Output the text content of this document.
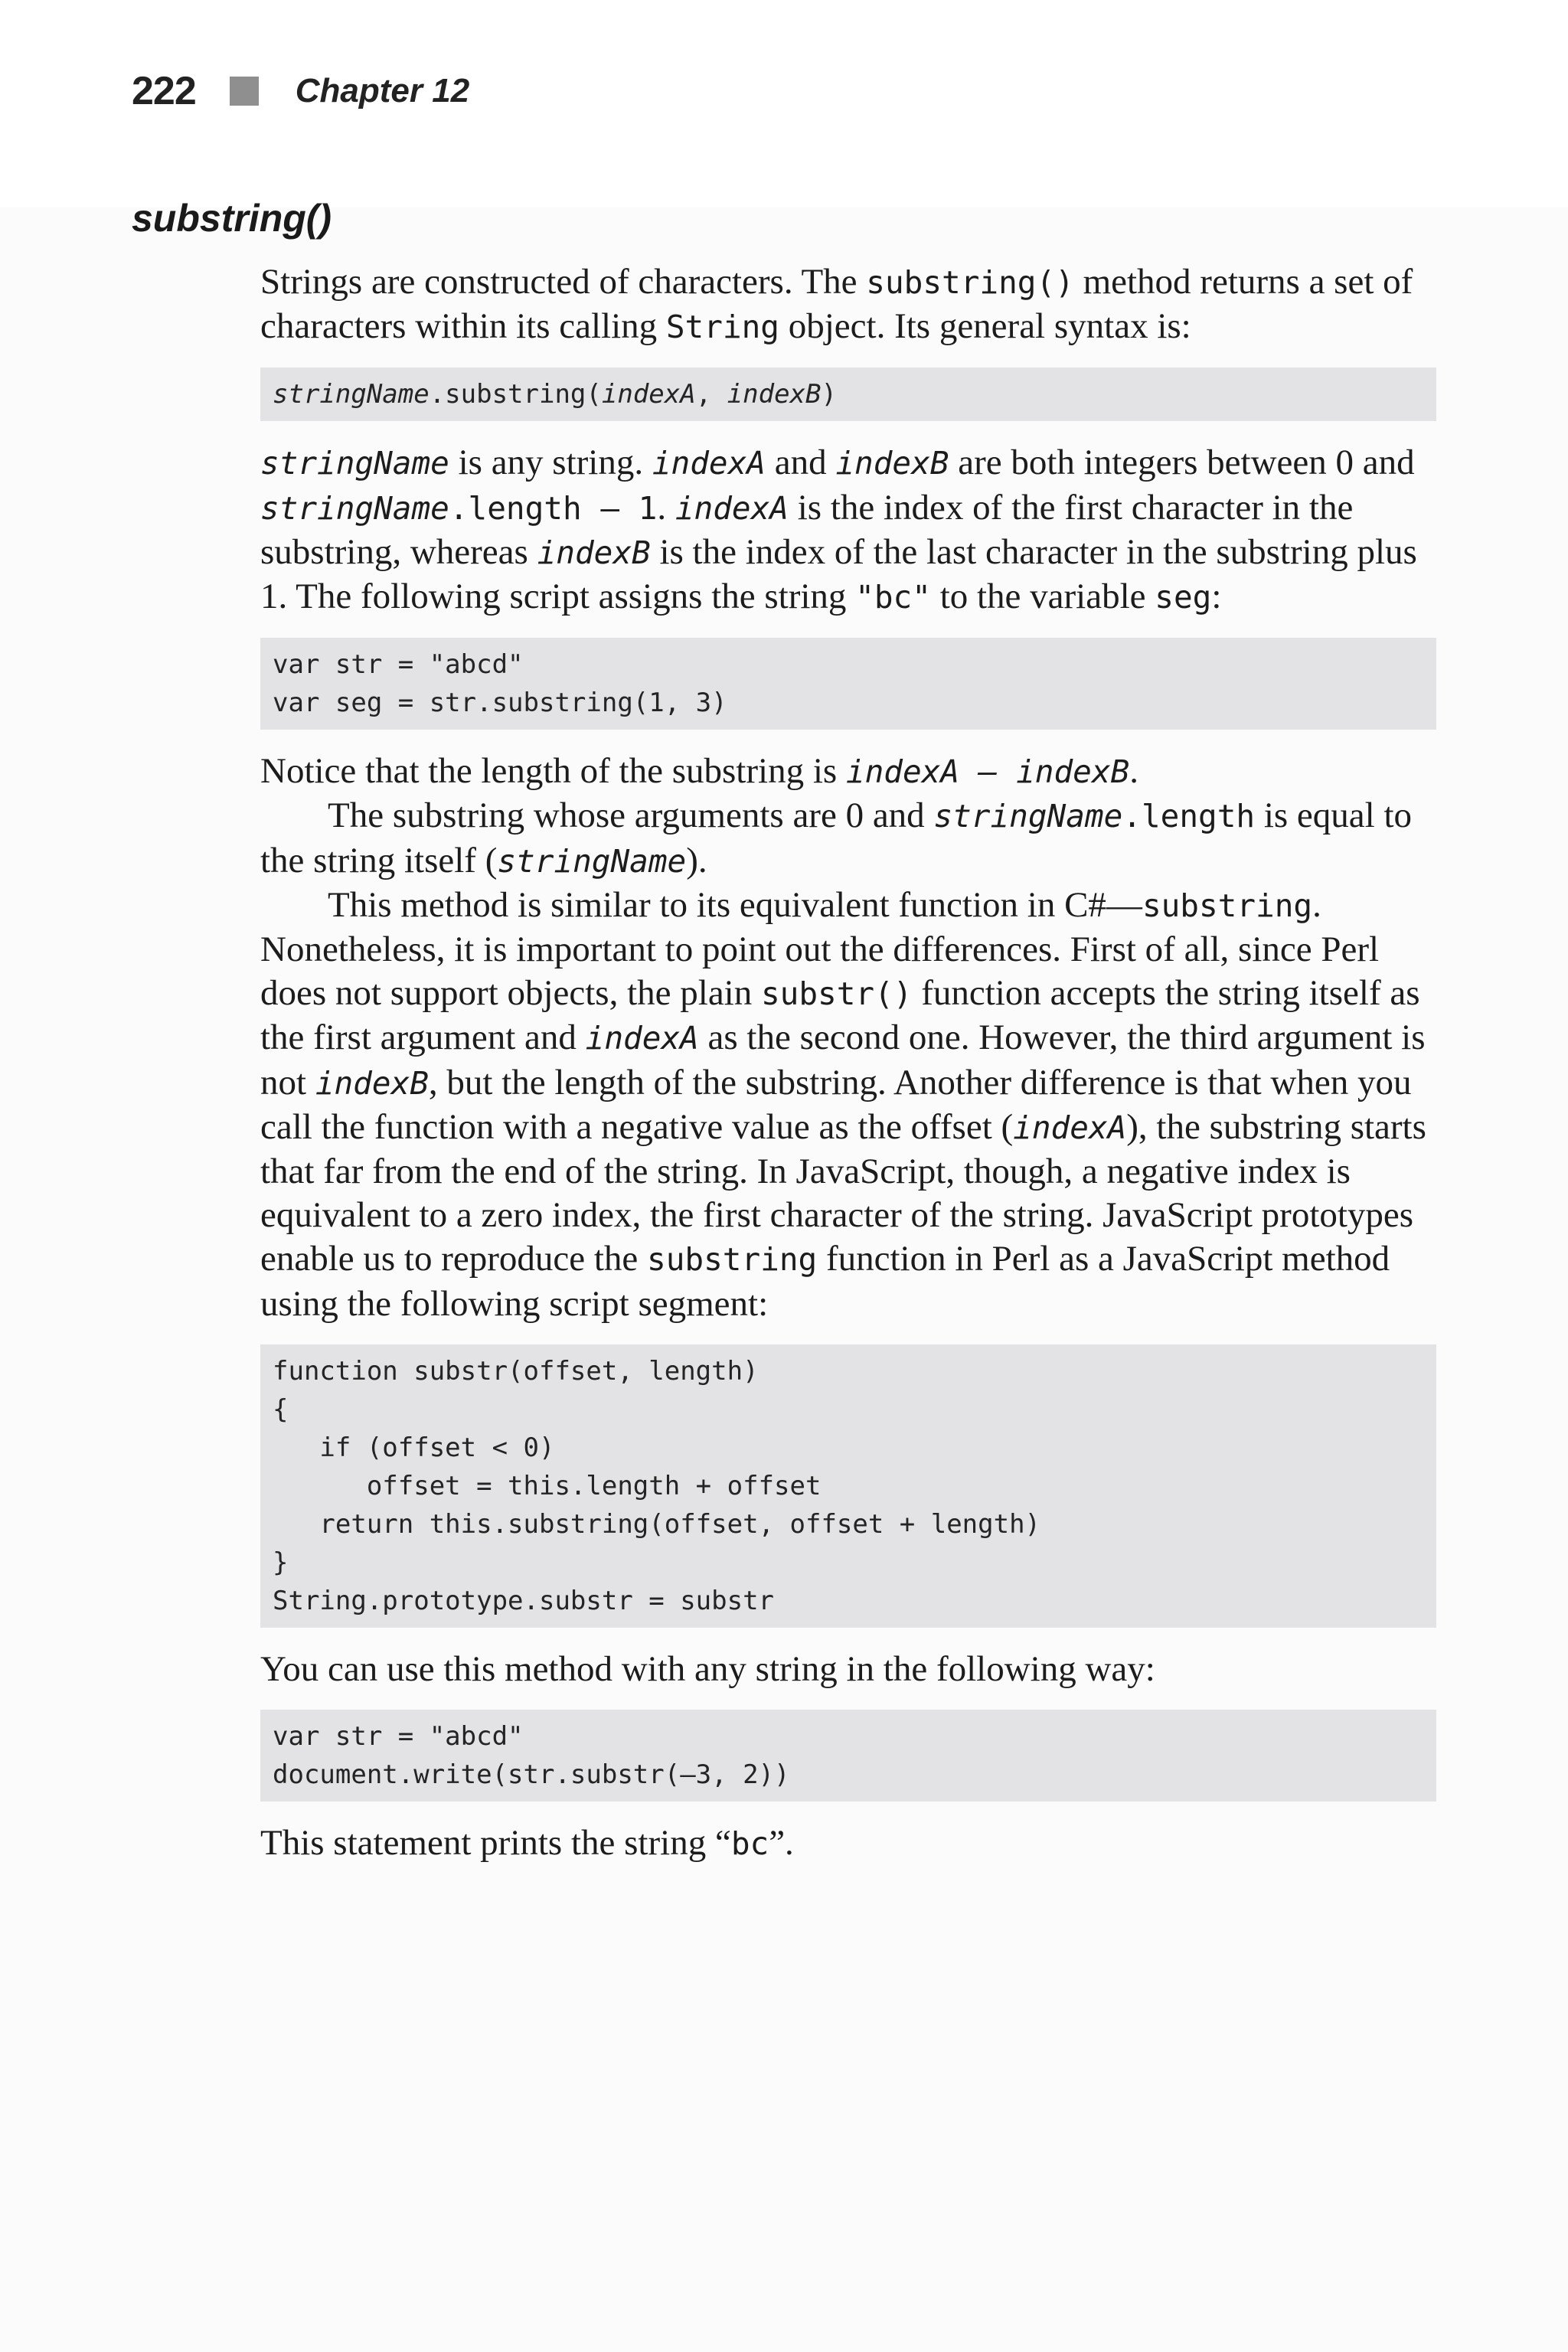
222	Chapter 12
substring()

Strings are constructed of characters. The substring() method returns a set of characters within its calling String object. Its general syntax is:

stringName.substring(indexA, indexB)

stringName is any string. indexA and indexB are both integers between 0 and stringName.length – 1. indexA is the index of the first character in the substring, whereas indexB is the index of the last character in the substring plus 1. The following script assigns the string "bc" to the variable seg:

var str = "abcd"
var seg = str.substring(1, 3)

Notice that the length of the substring is indexA – indexB.

The substring whose arguments are 0 and stringName.length is equal to the string itself (stringName).

This method is similar to its equivalent function in C#—substring. Nonetheless, it is important to point out the differences. First of all, since Perl does not support objects, the plain substr() function accepts the string itself as the first argument and indexA as the second one. However, the third argument is not indexB, but the length of the substring. Another difference is that when you call the function with a negative value as the offset (indexA), the substring starts that far from the end of the string. In JavaScript, though, a negative index is equivalent to a zero index, the first character of the string. JavaScript prototypes enable us to reproduce the substring function in Perl as a JavaScript method using the following script segment:

function substr(offset, length)
{
if (offset < 0)
offset = this.length + offset
return this.substring(offset, offset + length)
}
String.prototype.substr = substr

You can use this method with any string in the following way:

var str = "abcd"
document.write(str.substr(–3, 2))

This statement prints the string “bc”.
